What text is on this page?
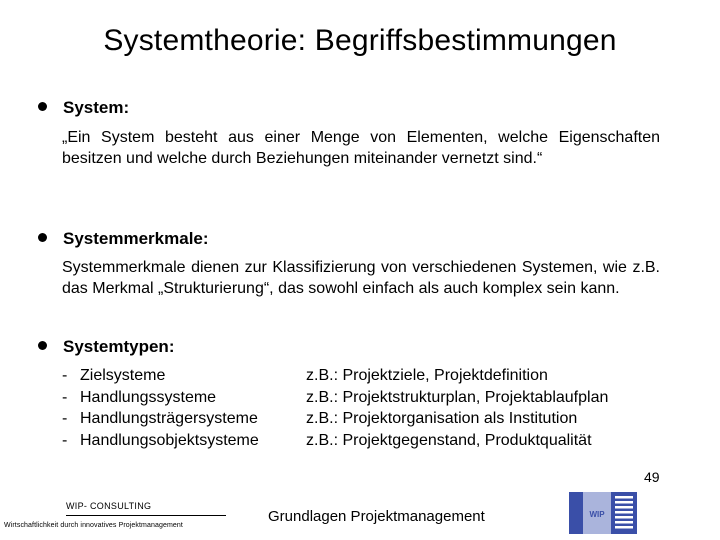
Systemtheorie: Begriffsbestimmungen
System:
„Ein System besteht aus einer Menge von Elementen, welche Eigenschaften besitzen und welche durch Beziehungen miteinander vernetzt sind.“
Systemmerkmale:
Systemmerkmale dienen zur Klassifizierung von verschiedenen Systemen, wie z.B. das Merkmal „Strukturierung“, das sowohl einfach als auch komplex sein kann.
Systemtypen:
- Zielsysteme	z.B.: Projektziele, Projektdefinition
- Handlungssysteme	z.B.: Projektstrukturplan, Projektablaufplan
- Handlungsträgersysteme	z.B.: Projektorganisation als Institution
- Handlungsobjektsysteme	z.B.: Projektgegenstand, Produktqualität
WIP- CONSULTING
Wirtschaftlichkeit durch innovatives Projektmanagement
Grundlagen Projektmanagement
49
WIP
